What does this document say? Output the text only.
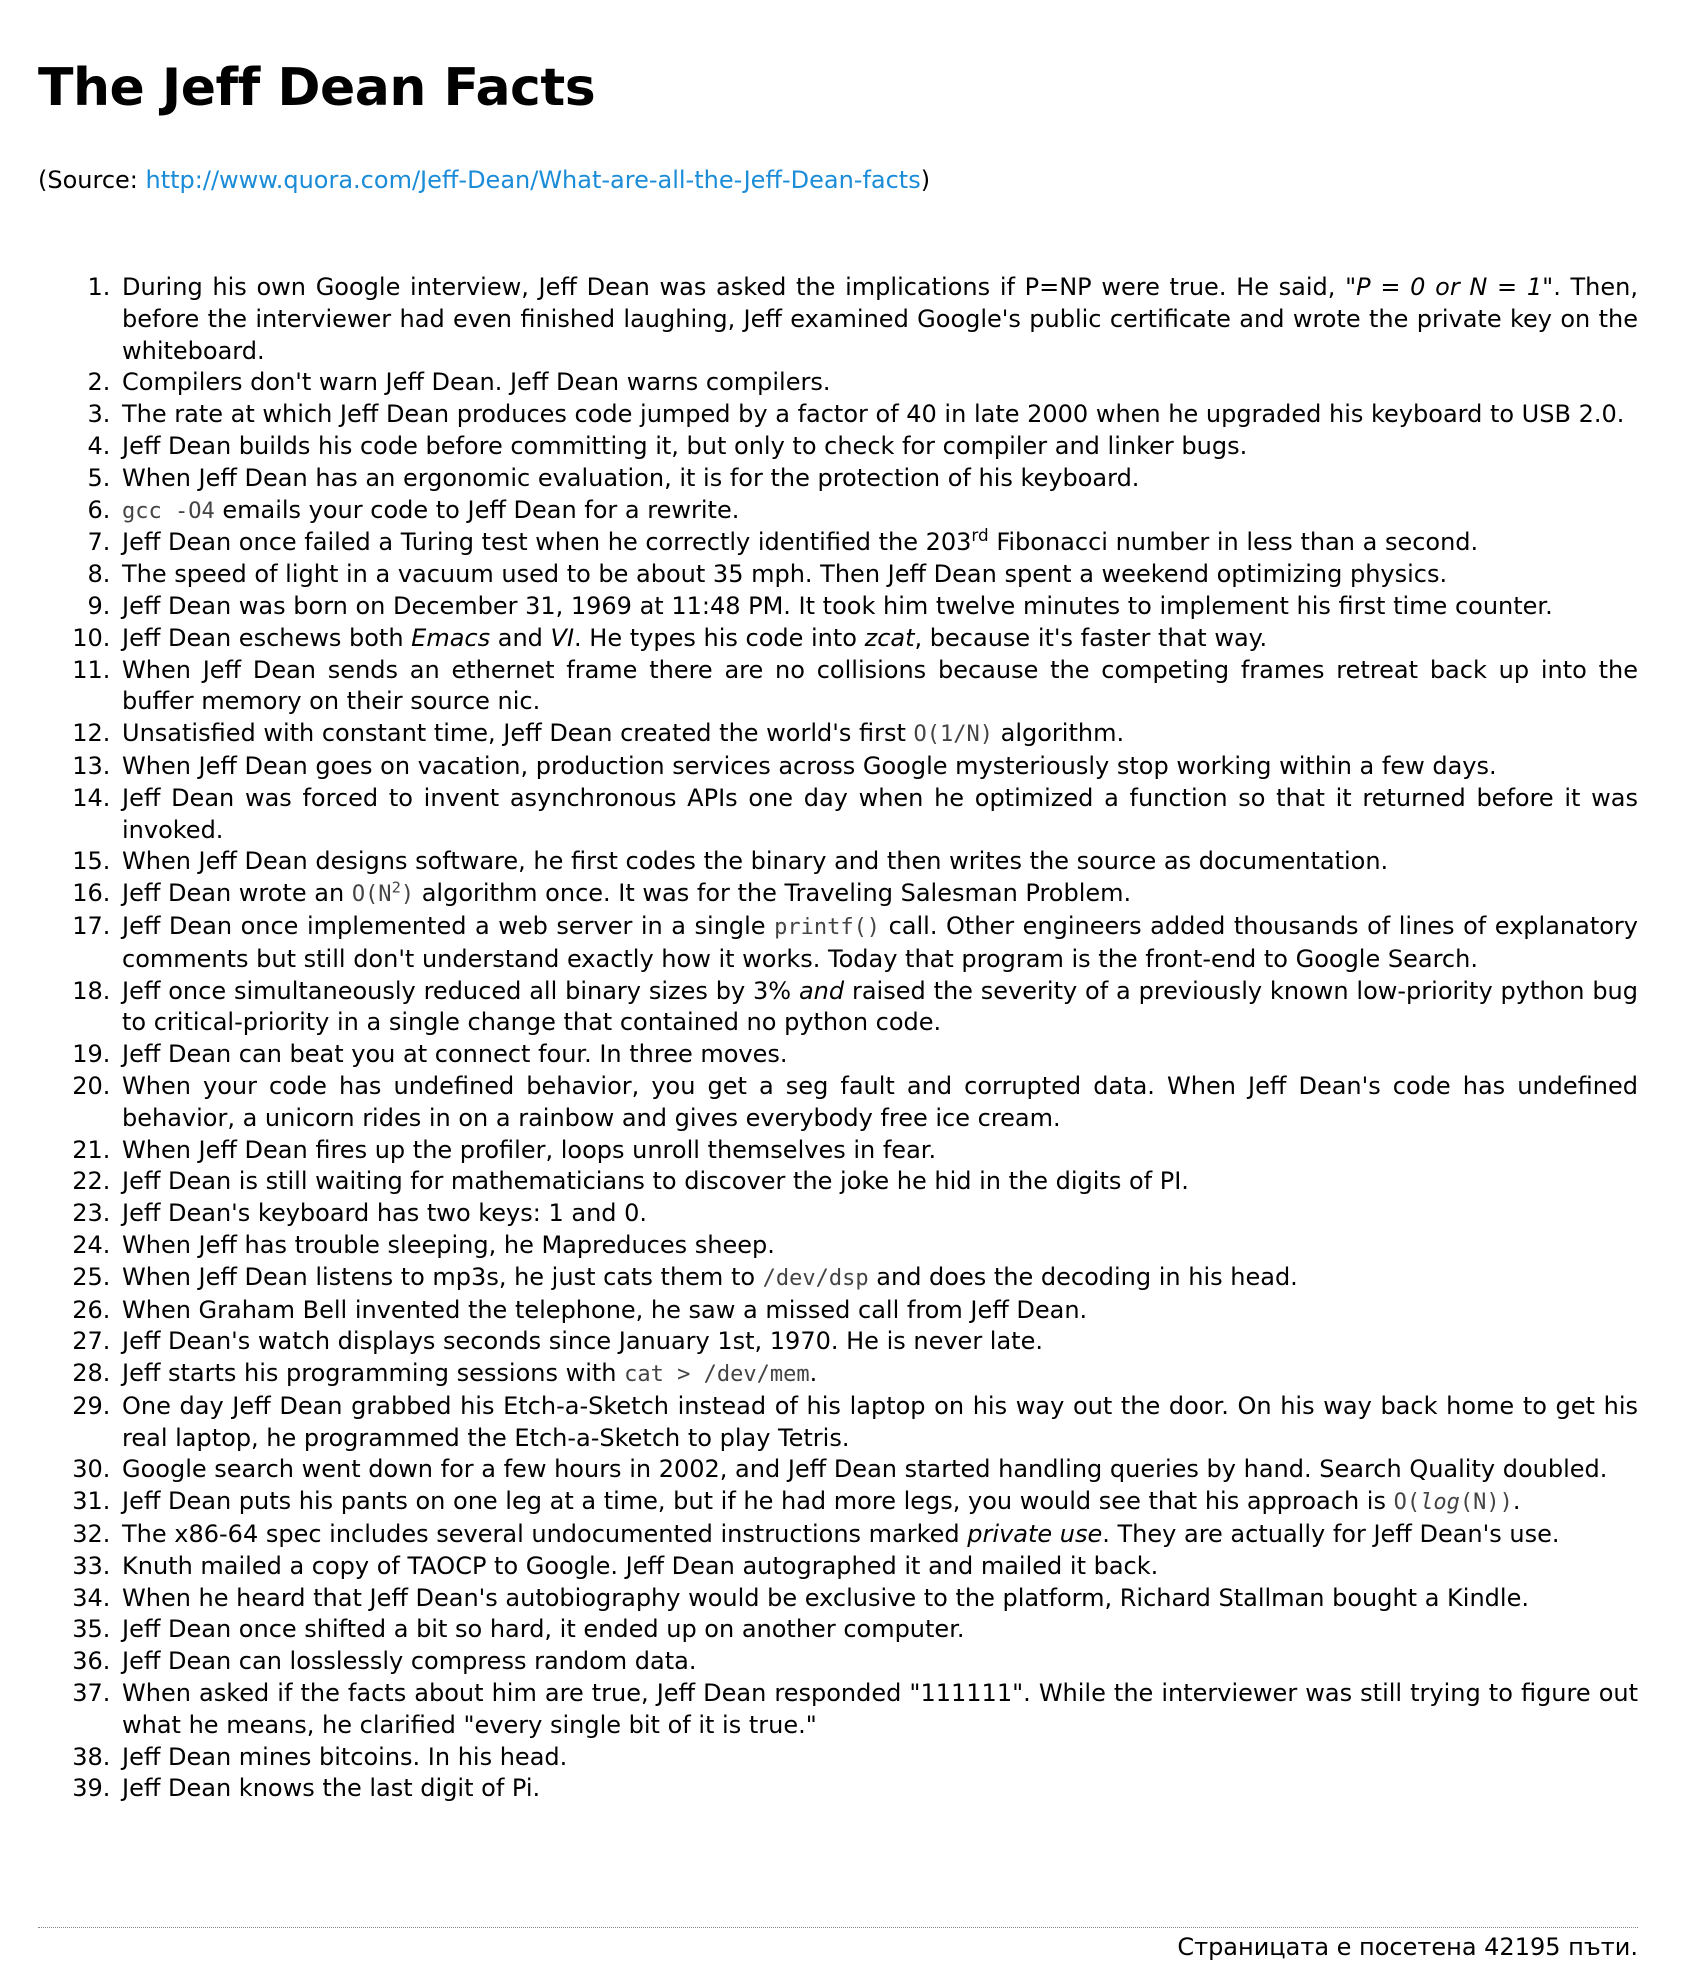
The Jeff Dean Facts
(Source: http://www.quora.com/Jeff-Dean/What-are-all-the-Jeff-Dean-facts)
1. During his own Google interview, Jeff Dean was asked the implications if P=NP were true. He said, "P = 0 or N = 1". Then, before the interviewer had even finished laughing, Jeff examined Google's public certificate and wrote the private key on the whiteboard.
2. Compilers don't warn Jeff Dean. Jeff Dean warns compilers.
3. The rate at which Jeff Dean produces code jumped by a factor of 40 in late 2000 when he upgraded his keyboard to USB 2.0.
4. Jeff Dean builds his code before committing it, but only to check for compiler and linker bugs.
5. When Jeff Dean has an ergonomic evaluation, it is for the protection of his keyboard.
6. gcc -O4 emails your code to Jeff Dean for a rewrite.
7. Jeff Dean once failed a Turing test when he correctly identified the 203rd Fibonacci number in less than a second.
8. The speed of light in a vacuum used to be about 35 mph. Then Jeff Dean spent a weekend optimizing physics.
9. Jeff Dean was born on December 31, 1969 at 11:48 PM. It took him twelve minutes to implement his first time counter.
10. Jeff Dean eschews both Emacs and VI. He types his code into zcat, because it's faster that way.
11. When Jeff Dean sends an ethernet frame there are no collisions because the competing frames retreat back up into the buffer memory on their source nic.
12. Unsatisfied with constant time, Jeff Dean created the world's first O(1/N) algorithm.
13. When Jeff Dean goes on vacation, production services across Google mysteriously stop working within a few days.
14. Jeff Dean was forced to invent asynchronous APIs one day when he optimized a function so that it returned before it was invoked.
15. When Jeff Dean designs software, he first codes the binary and then writes the source as documentation.
16. Jeff Dean wrote an $O(N^2)$ algorithm once. It was for the Traveling Salesman Problem.
17. Jeff Dean once implemented a web server in a single printf() call. Other engineers added thousands of lines of explanatory comments but still don't understand exactly how it works. Today that program is the front-end to Google Search.
18. Jeff once simultaneously reduced all binary sizes by 3% and raised the severity of a previously known low-priority python bug to critical-priority in a single change that contained no python code.
19. Jeff Dean can beat you at connect four. In three moves.
20. When your code has undefined behavior, you get a seg fault and corrupted data. When Jeff Dean's code has undefined behavior, a unicorn rides in on a rainbow and gives everybody free ice cream.
21. When Jeff Dean fires up the profiler, loops unroll themselves in fear.
22. Jeff Dean is still waiting for mathematicians to discover the joke he hid in the digits of PI.
23. Jeff Dean's keyboard has two keys: 1 and 0.
24. When Jeff has trouble sleeping, he Mapreduces sheep.
25. When Jeff Dean listens to mp3s, he just cats them to /dev/dsp and does the decoding in his head.
26. When Graham Bell invented the telephone, he saw a missed call from Jeff Dean.
27. Jeff Dean's watch displays seconds since January 1st, 1970. He is never late.
28. Jeff starts his programming sessions with cat > /dev/mem.
29. One day Jeff Dean grabbed his Etch-a-Sketch instead of his laptop on his way out the door. On his way back home to get his real laptop, he programmed the Etch-a-Sketch to play Tetris.
30. Google search went down for a few hours in 2002, and Jeff Dean started handling queries by hand. Search Quality doubled.
31. Jeff Dean puts his pants on one leg at a time, but if he had more legs, you would see that his approach is O(log(N)).
32. The x86-64 spec includes several undocumented instructions marked private use. They are actually for Jeff Dean's use.
33. Knuth mailed a copy of TAOCP to Google. Jeff Dean autographed it and mailed it back.
34. When he heard that Jeff Dean's autobiography would be exclusive to the platform, Richard Stallman bought a Kindle.
35. Jeff Dean once shifted a bit so hard, it ended up on another computer.
36. Jeff Dean can losslessly compress random data.
37. When asked if the facts about him are true, Jeff Dean responded "111111". While the interviewer was still trying to figure out what he means, he clarified "every single bit of it is true."
38. Jeff Dean mines bitcoins. In his head.
39. Jeff Dean knows the last digit of Pi.
Страницата е посетена 42195 пъти.
